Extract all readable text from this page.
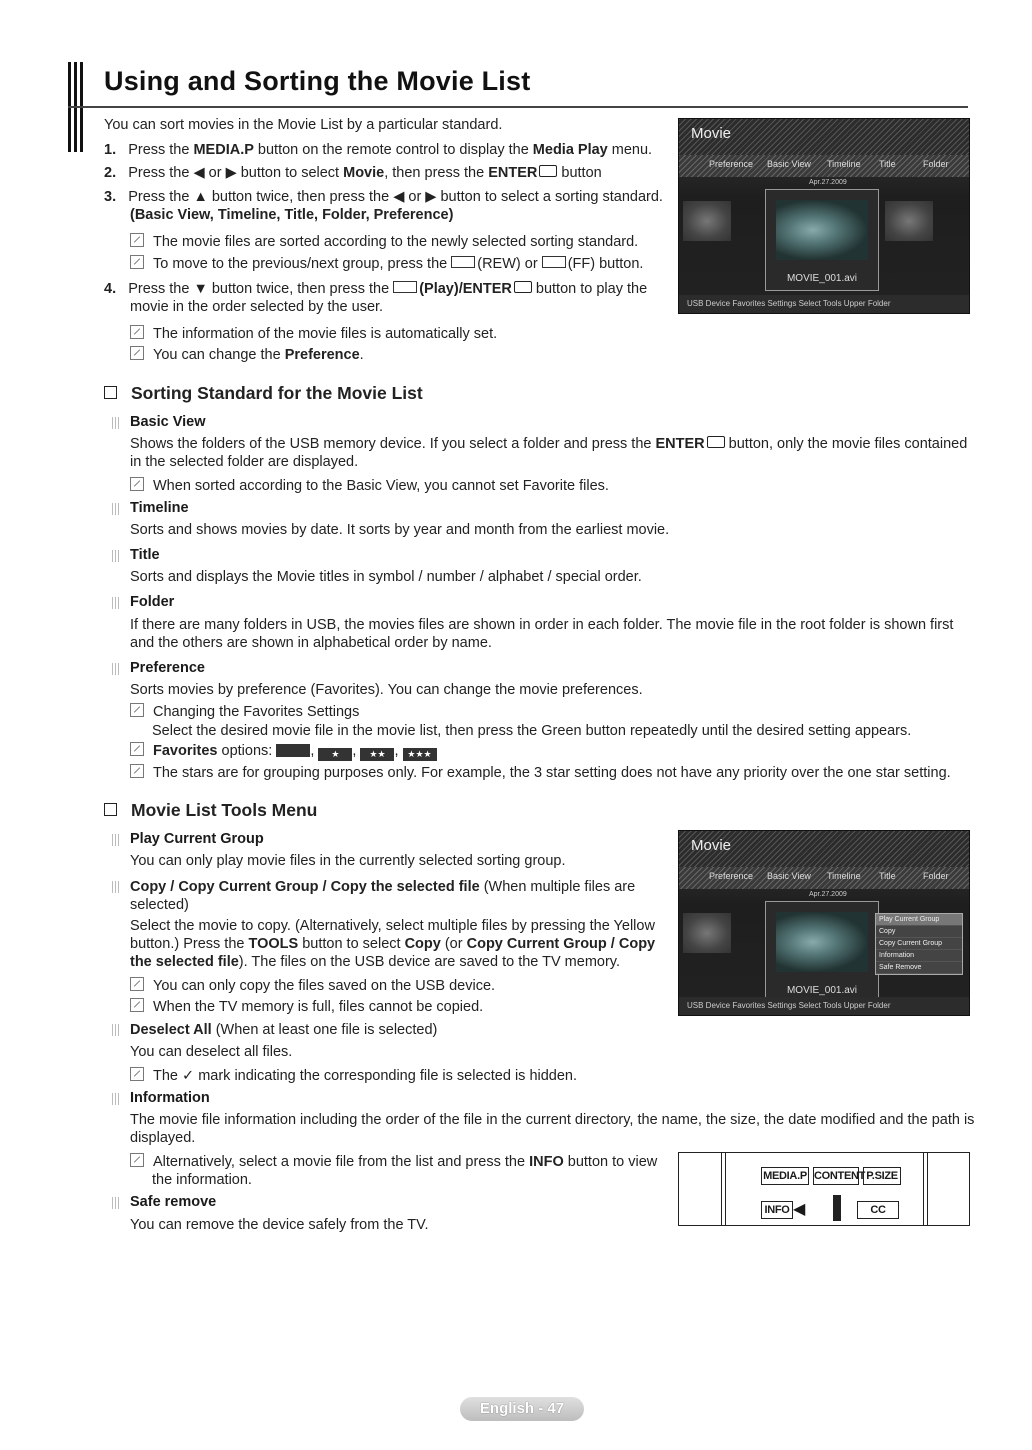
Using and Sorting the Movie List
You can sort movies in the Movie List by a particular standard.
1. Press the MEDIA.P button on the remote control to display the Media Play menu.
2. Press the ◀ or ▶ button to select Movie, then press the ENTER button
3. Press the ▲ button twice, then press the ◀ or ▶ button to select a sorting standard.
(Basic View, Timeline, Title, Folder, Preference)
The movie files are sorted according to the newly selected sorting standard.
To move to the previous/next group, press the (REW) or (FF) button.
4. Press the ▼ button twice, then press the (Play)/ENTER button to play the
movie in the order selected by the user.
The information of the movie files is automatically set.
You can change the Preference.
Movie
Preference Basic View Timeline Title	Folder
Apr.27.2009
MOVIE_001.avi
USB Device Favorites Settings Select Tools Upper Folder
Sorting Standard for the Movie List
Basic View
Shows the folders of the USB memory device. If you select a folder and press the ENTER button, only the movie files contained
in the selected folder are displayed.
When sorted according to the Basic View, you cannot set Favorite files.
Timeline
Sorts and shows movies by date. It sorts by year and month from the earliest movie.
Title
Sorts and displays the Movie titles in symbol / number / alphabet / special order.
Folder
If there are many folders in USB, the movies files are shown in order in each folder. The movie file in the root folder is shown first
and the others are shown in alphabetical order by name.
Preference
Sorts movies by preference (Favorites). You can change the movie preferences.
Changing the Favorites Settings
Select the desired movie file in the movie list, then press the Green button repeatedly until the desired setting appears.
Favorites options: , ★ , ★★ , ★★★
The stars are for grouping purposes only. For example, the 3 star setting does not have any priority over the one star setting.
Movie List Tools Menu
Play Current Group
You can only play movie files in the currently selected sorting group.
Copy / Copy Current Group / Copy the selected file (When multiple files are
selected)
Select the movie to copy. (Alternatively, select multiple files by pressing the Yellow
button.) Press the TOOLS button to select Copy (or Copy Current Group / Copy
the selected file). The files on the USB device are saved to the TV memory.
You can only copy the files saved on the USB device.
When the TV memory is full, files cannot be copied.
Deselect All (When at least one file is selected)
You can deselect all files.
The ✓ mark indicating the corresponding file is selected is hidden.
Information
The movie file information including the order of the file in the current directory, the name, the size, the date modified and the path is
displayed.
Alternatively, select a movie file from the list and press the INFO button to view
the information.
Safe remove
You can remove the device safely from the TV.
Movie
Preference Basic View Timeline Title	Folder
Apr.27.2009
MOVIE_001.avi
Play Current Group
Copy
Copy Current Group
Information
Safe Remove
USB Device Favorites Settings Select Tools Upper Folder
MEDIA.P CONTENT P.SIZE
INFO ◀	CC
English - 47
